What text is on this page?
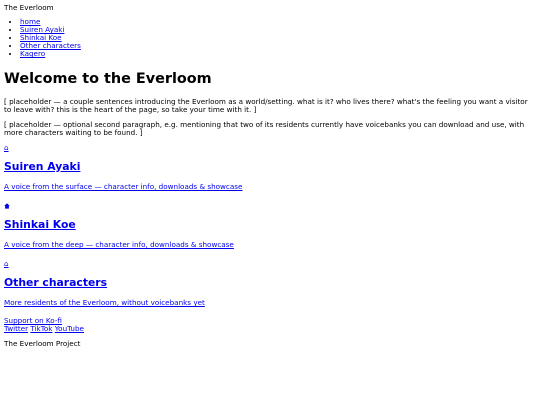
The Everloom
• home
• Suiren Ayaki
• Shinkai Koe
• Other characters
• Kagero
Welcome to the Everloom

[ placeholder — a couple sentences introducing the Everloom as a world/setting. what is it? who lives there? what's the feeling you want a visitor to leave with? this is the heart of the page, so take your time with it. ]

[ placeholder — optional second paragraph, e.g. mentioning that two of its residents currently have voicebanks you can download and use, with more characters waiting to be found. ]

⌂
Suiren Ayaki

A voice from the surface — character info, downloads & showcase

Shinkai Koe

A voice from the deep — character info, downloads & showcase

⌂
Other characters

More residents of the Everloom, without voicebanks yet

Support on Ko-fi
Twitter TikTok YouTube
The Everloom Project
